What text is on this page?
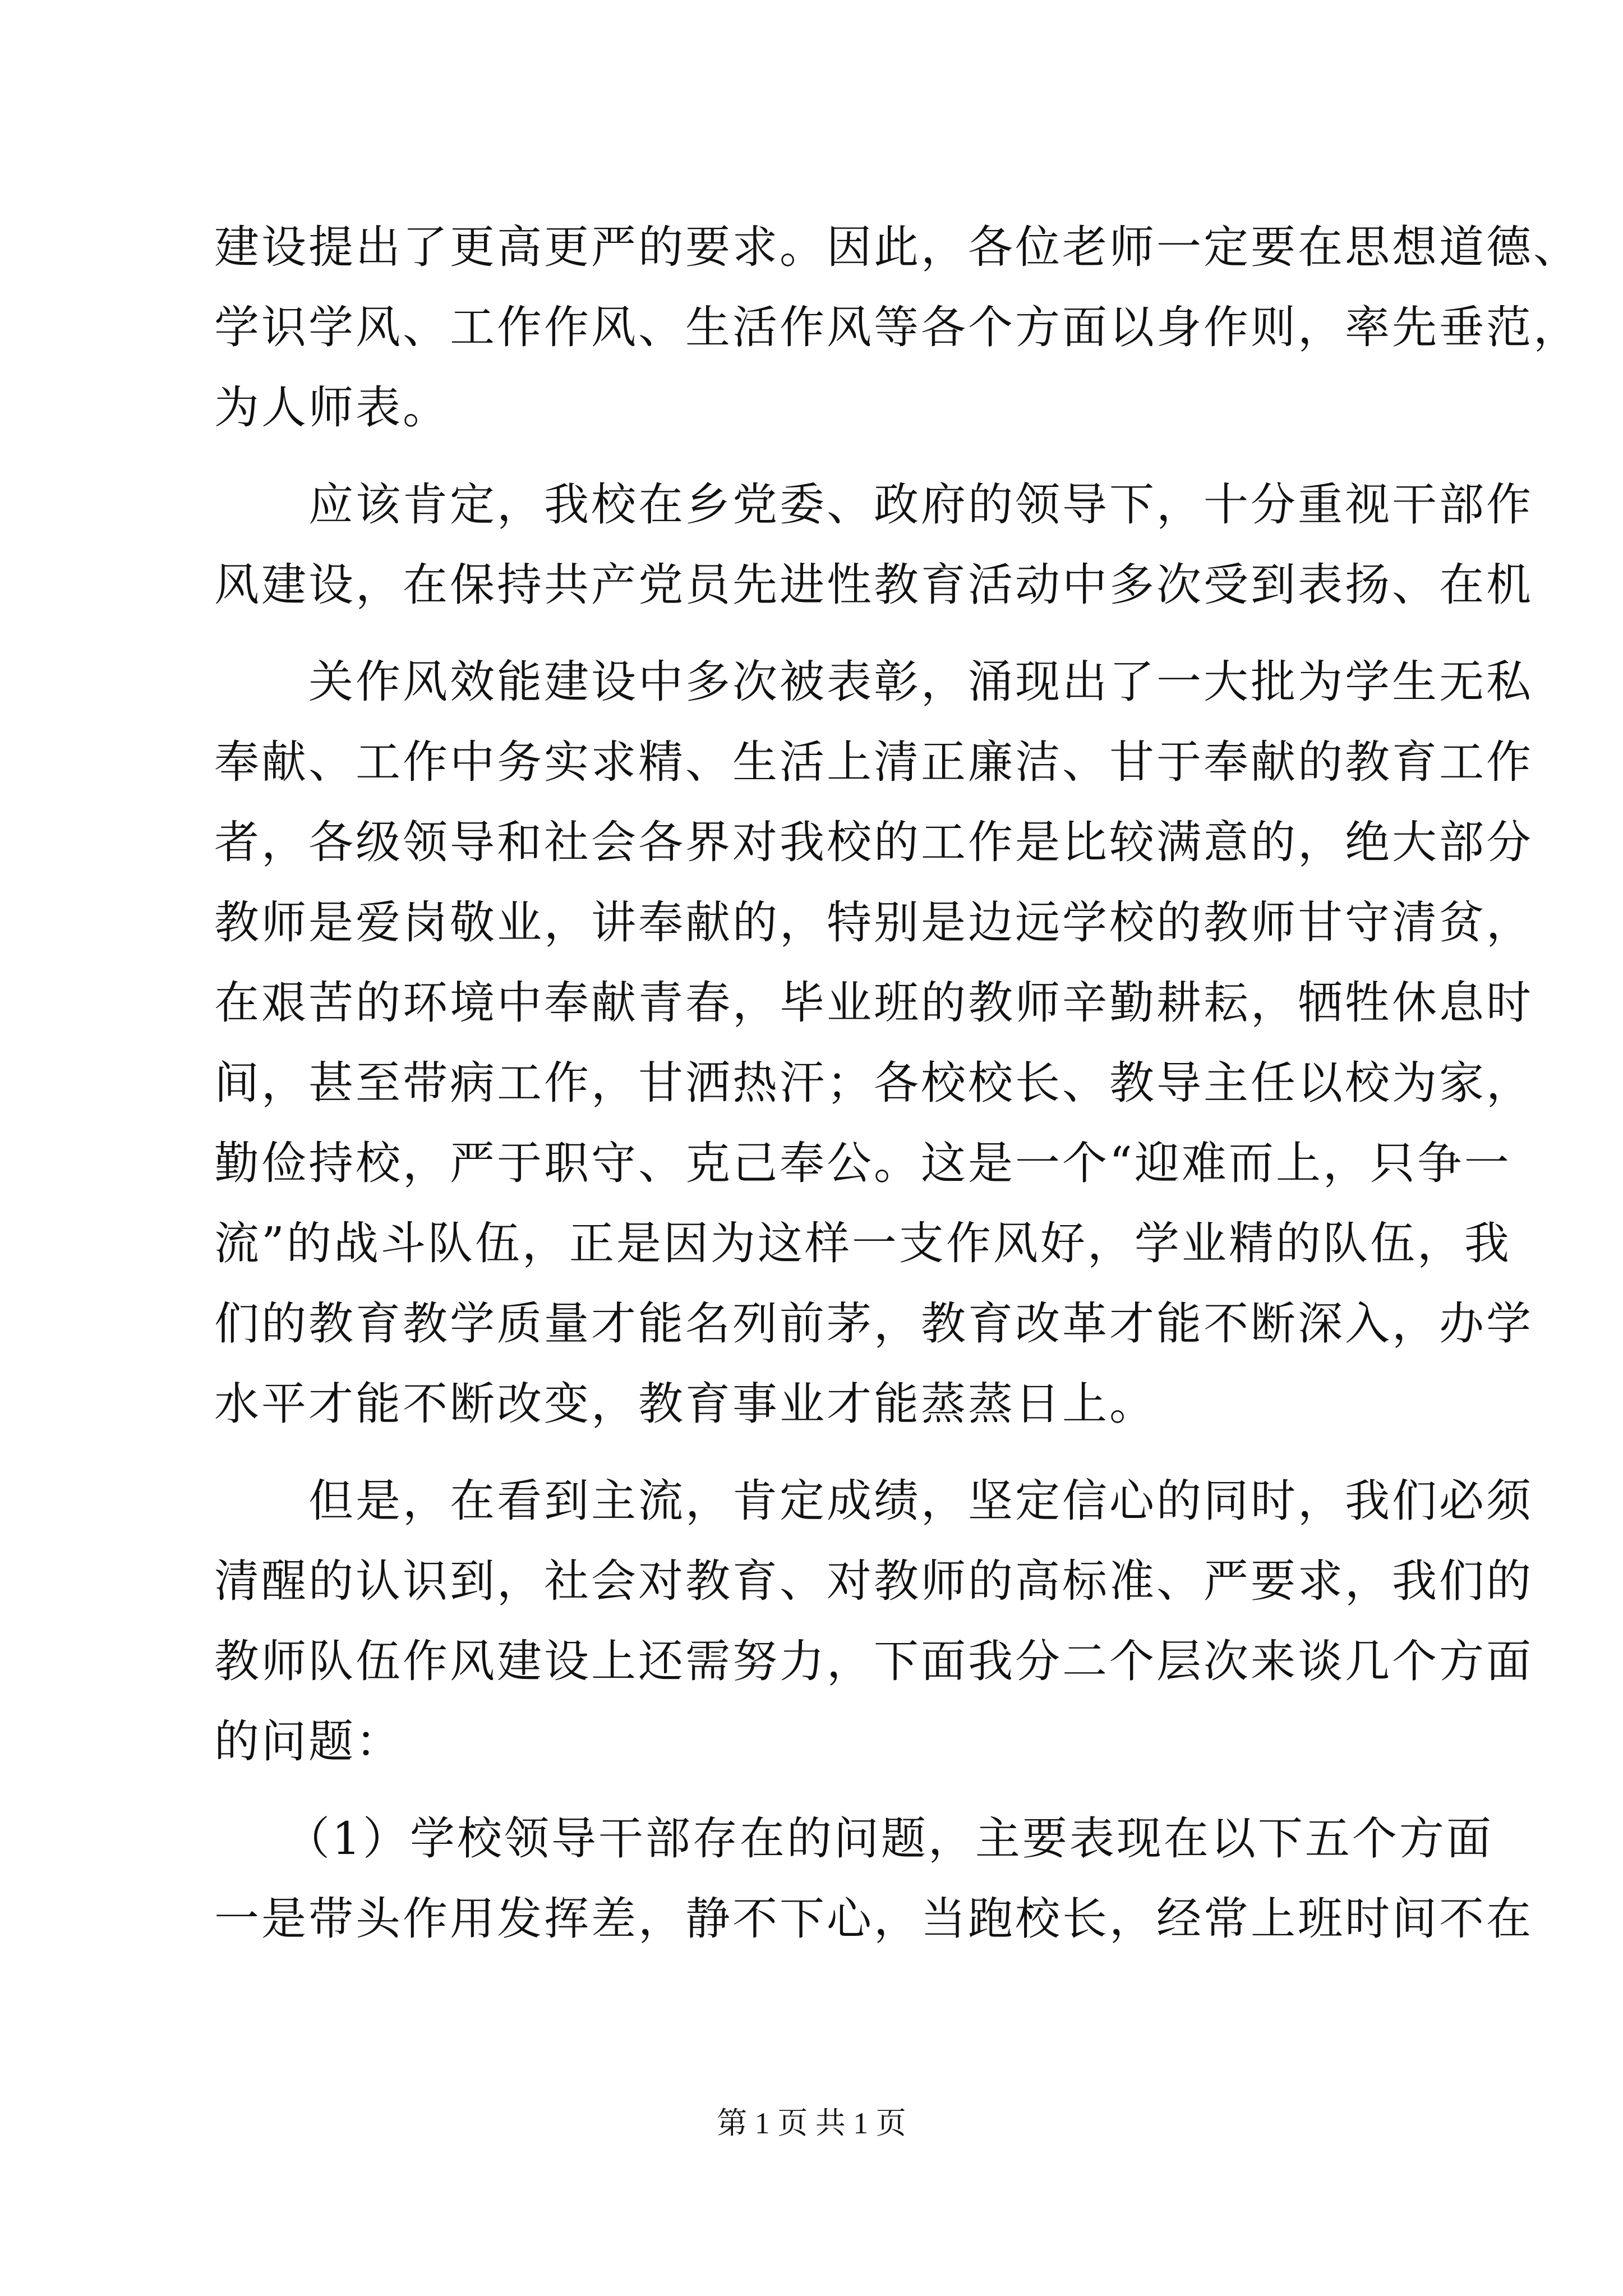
建设提出了更高更严的要求。因此，各位老师一定要在思想道德、
学识学风、工作作风、生活作风等各个方面以身作则，率先垂范，
为人师表。
应该肯定，我校在乡党委、政府的领导下，十分重视干部作
风建设，在保持共产党员先进性教育活动中多次受到表扬、在机
关作风效能建设中多次被表彰，涌现出了一大批为学生无私
奉献、工作中务实求精、生活上清正廉洁、甘于奉献的教育工作
者，各级领导和社会各界对我校的工作是比较满意的，绝大部分
教师是爱岗敬业，讲奉献的，特别是边远学校的教师甘守清贫，
在艰苦的环境中奉献青春，毕业班的教师辛勤耕耘，牺牲休息时
间，甚至带病工作，甘洒热汗；各校校长、教导主任以校为家，
勤俭持校，严于职守、克己奉公。这是一个“迎难而上，只争一
流”的战斗队伍，正是因为这样一支作风好，学业精的队伍，我
们的教育教学质量才能名列前茅，教育改革才能不断深入，办学
水平才能不断改变，教育事业才能蒸蒸日上。
但是，在看到主流，肯定成绩，坚定信心的同时，我们必须
清醒的认识到，社会对教育、对教师的高标准、严要求，我们的
教师队伍作风建设上还需努力，下面我分二个层次来谈几个方面
的问题：
（1）学校领导干部存在的问题，主要表现在以下五个方面
一是带头作用发挥差，静不下心，当跑校长，经常上班时间不在
第 1 页 共 1 页
